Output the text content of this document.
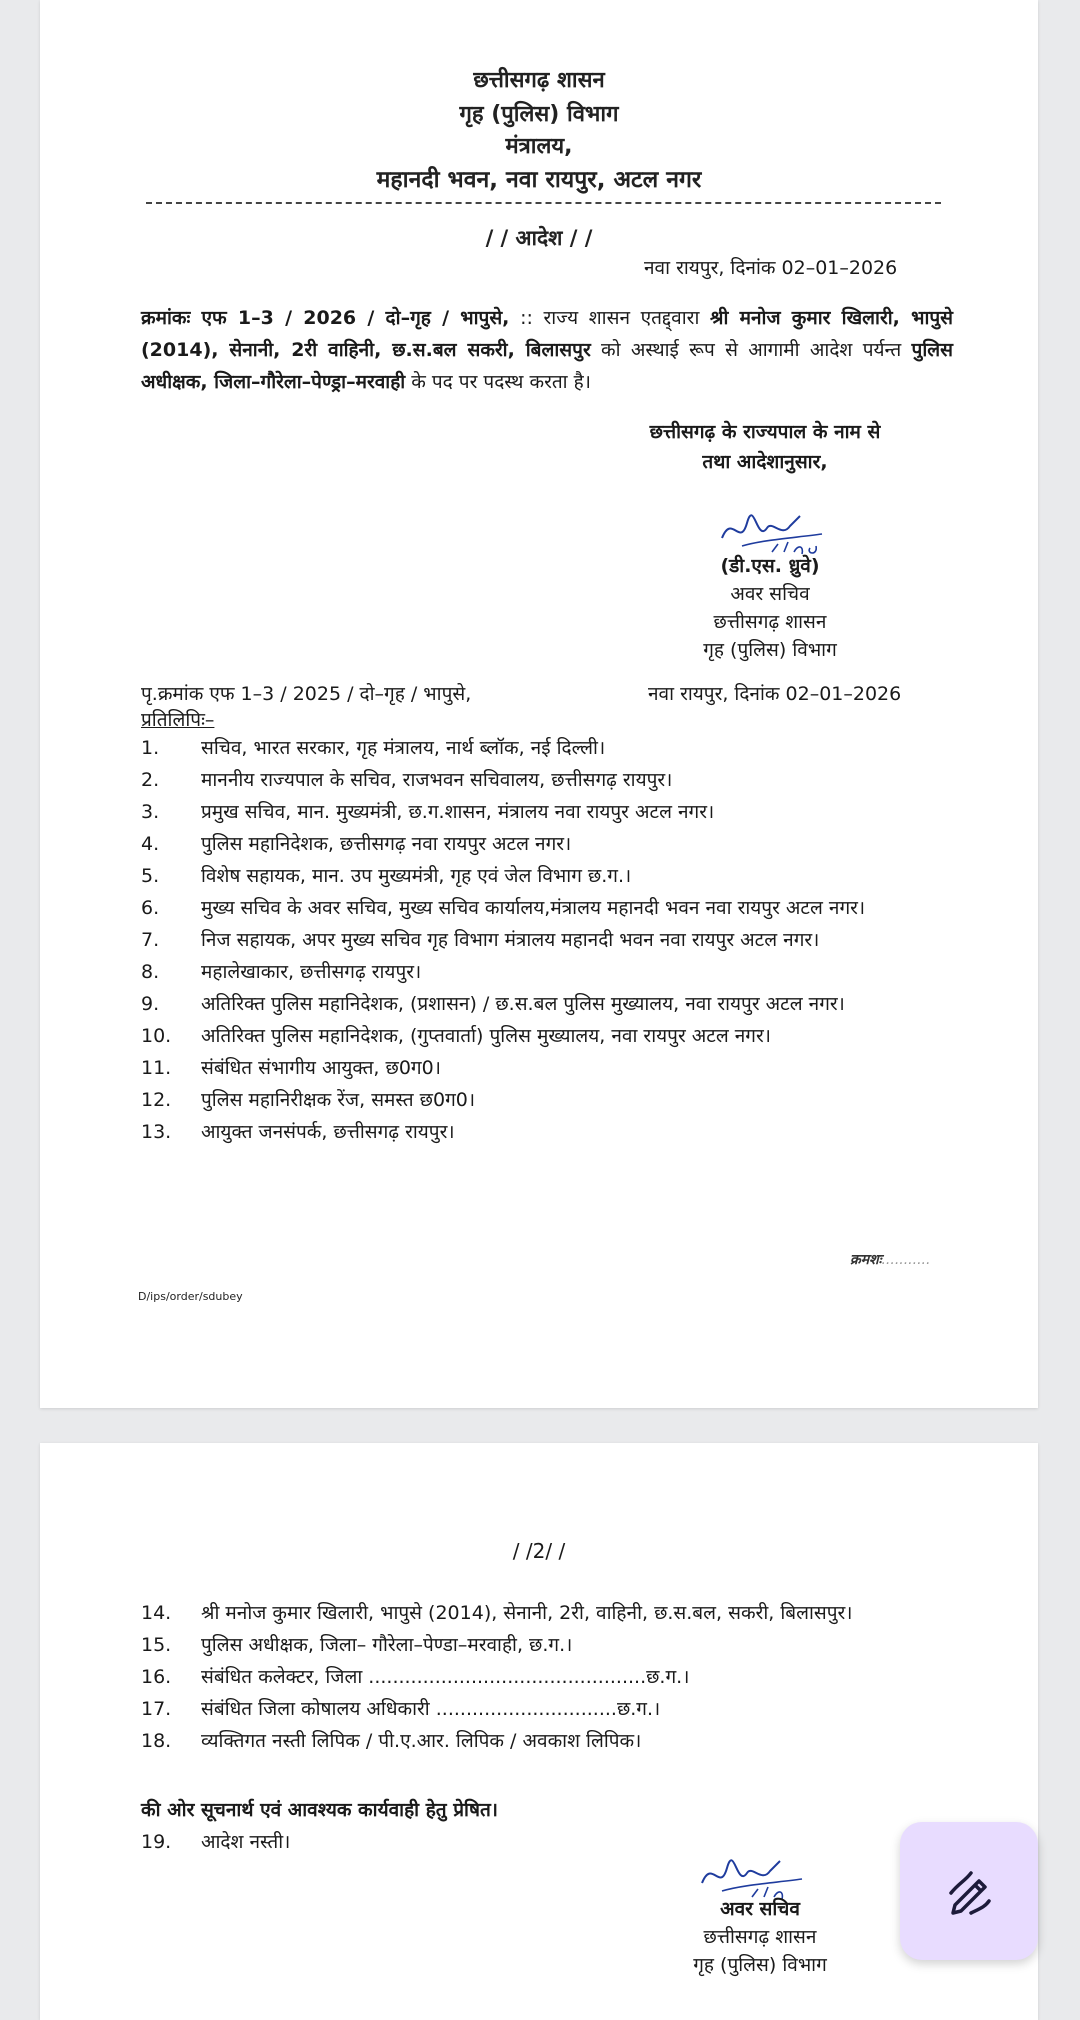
छत्तीसगढ़ शासन
गृह (पुलिस) विभाग
मंत्रालय,
महानदी भवन, नवा रायपुर, अटल नगर
/ / आदेश / /
नवा रायपुर, दिनांक 02–01–2026
क्रमांकः एफ 1–3 / 2026 / दो–गृह / भापुसे, :: राज्य शासन एतद्द्वारा श्री मनोज कुमार खिलारी, भापुसे (2014), सेनानी, 2री वाहिनी, छ.स.बल सकरी, बिलासपुर को अस्थाई रूप से आगामी आदेश पर्यन्त पुलिस अधीक्षक, जिला–गौरेला–पेण्ड्रा–मरवाही के पद पर पदस्थ करता है।
छत्तीसगढ़ के राज्यपाल के नाम से
तथा आदेशानुसार,
(डी.एस. ध्रुवे)
अवर सचिव
छत्तीसगढ़ शासन
गृह (पुलिस) विभाग
पृ.क्रमांक एफ 1–3 / 2025 / दो–गृह / भापुसे,	नवा रायपुर, दिनांक 02–01–2026
प्रतिलिपिः–
1. सचिव, भारत सरकार, गृह मंत्रालय, नार्थ ब्लॉक, नई दिल्ली।
2. माननीय राज्यपाल के सचिव, राजभवन सचिवालय, छत्तीसगढ़ रायपुर।
3. प्रमुख सचिव, मान. मुख्यमंत्री, छ.ग.शासन, मंत्रालय नवा रायपुर अटल नगर।
4. पुलिस महानिदेशक, छत्तीसगढ़ नवा रायपुर अटल नगर।
5. विशेष सहायक, मान. उप मुख्यमंत्री, गृह एवं जेल विभाग छ.ग.।
6. मुख्य सचिव के अवर सचिव, मुख्य सचिव कार्यालय,मंत्रालय महानदी भवन नवा रायपुर अटल नगर।
7. निज सहायक, अपर मुख्य सचिव गृह विभाग मंत्रालय महानदी भवन नवा रायपुर अटल नगर।
8. महालेखाकार, छत्तीसगढ़ रायपुर।
9. अतिरिक्त पुलिस महानिदेशक, (प्रशासन) / छ.स.बल पुलिस मुख्यालय, नवा रायपुर अटल नगर।
10. अतिरिक्त पुलिस महानिदेशक, (गुप्तवार्ता) पुलिस मुख्यालय, नवा रायपुर अटल नगर।
11. संबंधित संभागीय आयुक्त, छ0ग0।
12. पुलिस महानिरीक्षक रेंज, समस्त छ0ग0।
13. आयुक्त जनसंपर्क, छत्तीसगढ़ रायपुर।
क्रमशः .....
D/ips/order/sdubey
/ /2/ /
14. श्री मनोज कुमार खिलारी, भापुसे (2014), सेनानी, 2री, वाहिनी, छ.स.बल, सकरी, बिलासपुर।
15. पुलिस अधीक्षक, जिला– गौरेला–पेण्डा–मरवाही, छ.ग.।
16. संबंधित कलेक्टर, जिला ..............................................छ.ग.।
17. संबंधित जिला कोषालय अधिकारी ..............................छ.ग.।
18. व्यक्तिगत नस्ती लिपिक / पी.ए.आर. लिपिक / अवकाश लिपिक।
की ओर सूचनार्थ एवं आवश्यक कार्यवाही हेतु प्रेषित।
19. आदेश नस्ती।
अवर सचिव
छत्तीसगढ़ शासन
गृह (पुलिस) विभाग
